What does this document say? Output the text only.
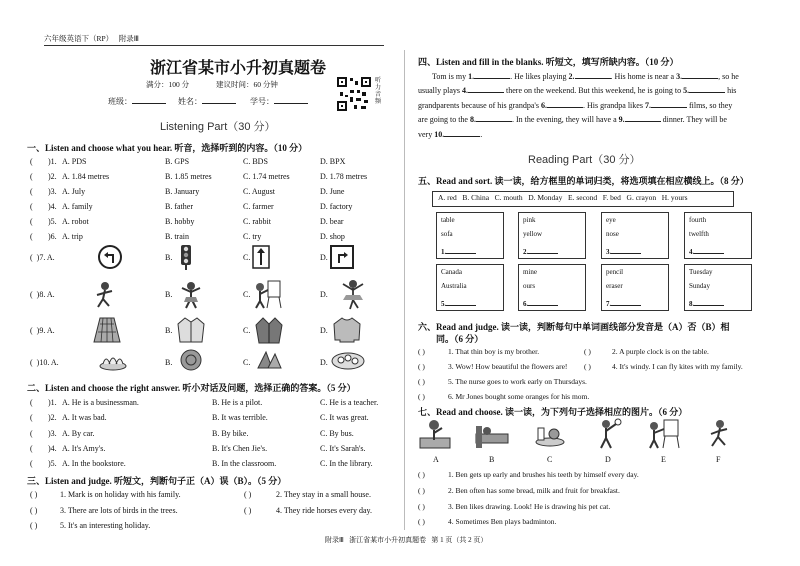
六年级英语下（RP） 附录Ⅲ
浙江省某市小升初真题卷
满分：100 分	建议时间：60 分钟
班级：	姓名：	学号：
听力音频
Listening Part（30 分）
一、Listen and choose what you hear. 听音，选择听到的内容。（10 分）
( )1. A. PDS	B. GPS	C. BDS	D. BPX
( )2. A. 1.84 metres	B. 1.85 metres	C. 1.74 metres	D. 1.78 metres
( )3. A. July	B. January	C. August	D. June
( )4. A. family	B. father	C. farmer	D. factory
( )5. A. robot	B. hobby	C. rabbit	D. bear
( )6. A. trip	B. train	C. try	D. shop
( )7. A.	B.	C.	D.
( )8. A.	B.	C.	D.
( )9. A.	B.	C.	D.
( )10. A.	B.	C.	D.
二、Listen and choose the right answer. 听小对话及问题，选择正确的答案。（5 分）
( )1. A. He is a businessman.	B. He is a pilot.	C. He is a teacher.
( )2. A. It was bad.	B. It was terrible.	C. It was great.
( )3. A. By car.	B. By bike.	C. By bus.
( )4. A. It's Amy's.	B. It's Chen Jie's.	C. It's Sarah's.
( )5. A. In the bookstore.	B. In the classroom.	C. In the library.
三、Listen and judge. 听短文，判断句子正（A）误（B）。（5 分）
( )	1. Mark is on holiday with his family.	( )	2. They stay in a small house.
( )	3. There are lots of birds in the trees.	( )	4. They ride horses every day.
( )	5. It's an interesting holiday.
四、Listen and fill in the blanks. 听短文，填写所缺内容。（10 分）
Tom is my 1.	. He likes playing 2.	. His home is near a 3.	, so he
usually plays 4.	there on the weekend. But this weekend, he is going to 5.	his
grandparents because of his grandpa's 6.	. His grandpa likes 7.	films, so they
are going to the 8.	. In the evening, they will have a 9.	dinner. They will be
very 10.	.
Reading Part（30 分）
五、Read and sort. 读一读，给方框里的单词归类，将选项填在相应横线上。（8 分）
A. red   B. China   C. mouth   D. Monday   E. second   F. bed   G. crayon   H. yours
table
sofa
1.
pink
yellow
2.
eye
nose
3.
fourth
twelfth
4.
Canada
Australia
5.
mine
ours
6.
pencil
eraser
7.
Tuesday
Sunday
8.
六、Read and judge. 读一读，判断每句中单词画线部分发音是（A）否（B）相
同。（6 分）
( )	1. That thin boy is my brother.	( )	2. A purple clock is on the table.
( )	3. Wow! How beautiful the flowers are! ( )	4. It's windy. I can fly kites with my family.
( )	5. The nurse goes to work early on Thursdays.
( )	6. Mr Jones bought some oranges for his mom.
七、Read and choose. 读一读，为下列句子选择相应的图片。（6 分）
A	B	C	D	E	F
( )	1. Ben gets up early and brushes his teeth by himself every day.
( )	2. Ben often has some bread, milk and fruit for breakfast.
( )	3. Ben likes drawing. Look! He is drawing his pet cat.
( )	4. Sometimes Ben plays badminton.
附录Ⅲ   浙江省某市小升初真题卷   第 1 页（共 2 页）
